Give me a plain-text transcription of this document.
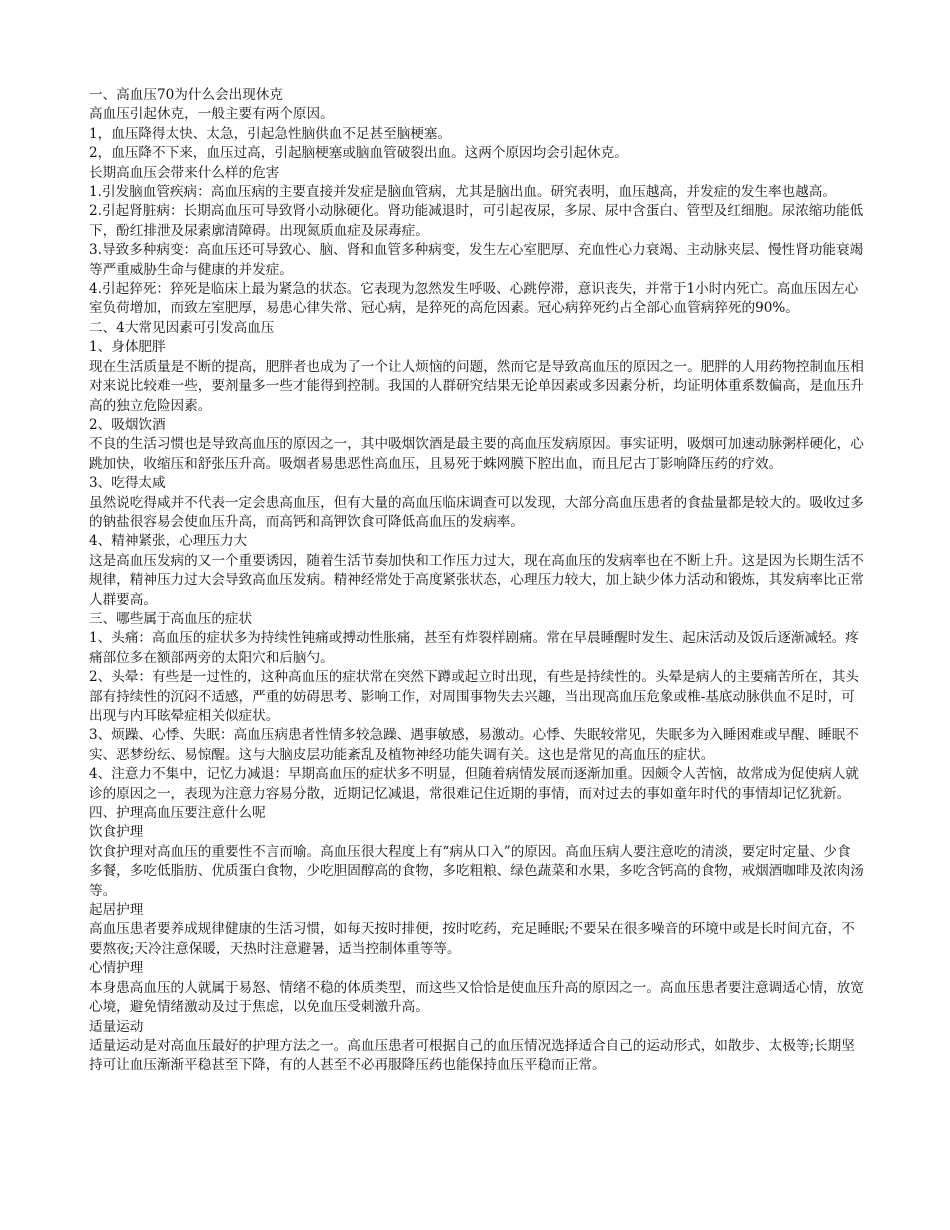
一、高血压70为什么会出现休克

高血压引起休克，一般主要有两个原因。

1，血压降得太快、太急，引起急性脑供血不足甚至脑梗塞。

2，血压降不下来，血压过高，引起脑梗塞或脑血管破裂出血。这两个原因均会引起休克。

长期高血压会带来什么样的危害

1.引发脑血管疾病：高血压病的主要直接并发症是脑血管病，尤其是脑出血。研究表明，血压越高，并发症的发生率也越高。

2.引起肾脏病：长期高血压可导致肾小动脉硬化。肾功能减退时，可引起夜尿，多尿、尿中含蛋白、管型及红细胞。尿浓缩功能低下，酚红排泄及尿素廓清障碍。出现氮质血症及尿毒症。

3.导致多种病变：高血压还可导致心、脑、肾和血管多种病变，发生左心室肥厚、充血性心力衰竭、主动脉夹层、慢性肾功能衰竭等严重威胁生命与健康的并发症。

4.引起猝死：猝死是临床上最为紧急的状态。它表现为忽然发生呼吸、心跳停滞，意识丧失，并常于1小时内死亡。高血压因左心室负荷增加，而致左室肥厚，易患心律失常、冠心病，是猝死的高危因素。冠心病猝死约占全部心血管病猝死的90%。

二、4大常见因素可引发高血压

1、身体肥胖

现在生活质量是不断的提高，肥胖者也成为了一个让人烦恼的问题，然而它是导致高血压的原因之一。肥胖的人用药物控制血压相对来说比较难一些，要剂量多一些才能得到控制。我国的人群研究结果无论单因素或多因素分析，均证明体重系数偏高，是血压升高的独立危险因素。

2、吸烟饮酒

不良的生活习惯也是导致高血压的原因之一，其中吸烟饮酒是最主要的高血压发病原因。事实证明，吸烟可加速动脉粥样硬化，心跳加快，收缩压和舒张压升高。吸烟者易患恶性高血压，且易死于蛛网膜下腔出血，而且尼古丁影响降压药的疗效。

3、吃得太咸

虽然说吃得咸并不代表一定会患高血压，但有大量的高血压临床调查可以发现，大部分高血压患者的食盐量都是较大的。吸收过多的钠盐很容易会使血压升高，而高钙和高钾饮食可降低高血压的发病率。

4、精神紧张，心理压力大

这是高血压发病的又一个重要诱因，随着生活节奏加快和工作压力过大，现在高血压的发病率也在不断上升。这是因为长期生活不规律，精神压力过大会导致高血压发病。精神经常处于高度紧张状态，心理压力较大，加上缺少体力活动和锻炼，其发病率比正常人群要高。

三、哪些属于高血压的症状

1、头痛：高血压的症状多为持续性钝痛或搏动性胀痛，甚至有炸裂样剧痛。常在早晨睡醒时发生、起床活动及饭后逐渐减轻。疼痛部位多在额部两旁的太阳穴和后脑勺。

2、头晕：有些是一过性的，这种高血压的症状常在突然下蹲或起立时出现，有些是持续性的。头晕是病人的主要痛苦所在，其头部有持续性的沉闷不适感，严重的妨碍思考、影响工作，对周围事物失去兴趣，当出现高血压危象或椎-基底动脉供血不足时，可出现与内耳眩晕症相关似症状。

3、烦躁、心悸、失眠：高血压病患者性情多较急躁、遇事敏感，易激动。心悸、失眠较常见，失眠多为入睡困难或早醒、睡眠不实、恶梦纷纭、易惊醒。这与大脑皮层功能紊乱及植物神经功能失调有关。这也是常见的高血压的症状。

4、注意力不集中，记忆力减退：早期高血压的症状多不明显，但随着病情发展而逐渐加重。因颇令人苦恼，故常成为促使病人就诊的原因之一，表现为注意力容易分散，近期记忆减退，常很难记住近期的事情，而对过去的事如童年时代的事情却记忆犹新。

四、护理高血压要注意什么呢

饮食护理

饮食护理对高血压的重要性不言而喻。高血压很大程度上有“病从口入”的原因。高血压病人要注意吃的清淡，要定时定量、少食多餐，多吃低脂肪、优质蛋白食物，少吃胆固醇高的食物，多吃粗粮、绿色蔬菜和水果，多吃含钙高的食物，戒烟酒咖啡及浓肉汤等。

起居护理

高血压患者要养成规律健康的生活习惯，如每天按时排便，按时吃药，充足睡眠;不要呆在很多噪音的环境中或是长时间亢奋，不要熬夜;天冷注意保暖，天热时注意避暑，适当控制体重等等。

心情护理

本身患高血压的人就属于易怒、情绪不稳的体质类型，而这些又恰恰是使血压升高的原因之一。高血压患者要注意调适心情，放宽心境，避免情绪激动及过于焦虑，以免血压受刺激升高。

适量运动

适量运动是对高血压最好的护理方法之一。高血压患者可根据自己的血压情况选择适合自己的运动形式，如散步、太极等;长期坚持可让血压渐渐平稳甚至下降，有的人甚至不必再服降压药也能保持血压平稳而正常。
